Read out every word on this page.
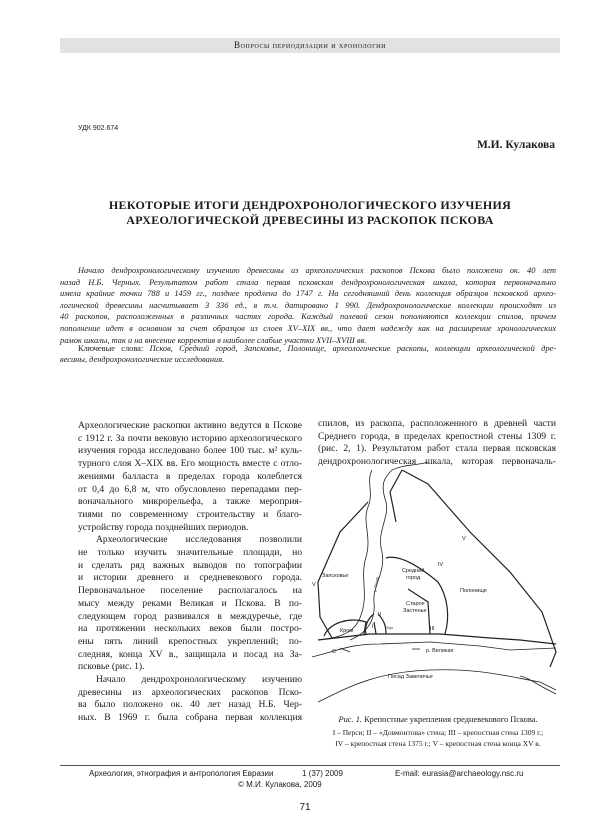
Вопросы периодизации и хронологии
УДК 902.674
М.И. Кулакова
НЕКОТОРЫЕ ИТОГИ ДЕНДРОХРОНОЛОГИЧЕСКОГО ИЗУЧЕНИЯ
АРХЕОЛОГИЧЕСКОЙ ДРЕВЕСИНЫ ИЗ РАСКОПОК ПСКОВА
Начало дендрохронологическому изучению древесины из археологических раскопов Пскова было положено ок. 40 лет
назад Н.Б. Черных. Результатом работ стала первая псковская дендрохронологическая шкала, которая первоначально
имела крайние точки 788 и 1459 гг., позднее продлена до 1747 г. На сегодняшний день коллекция образцов псковской архео-
логической древесины насчитывает 3 336 ед., в т.ч. датировано 1 990. Дендрохронологические коллекции происходят из
40 раскопов, расположенных в различных частях города. Каждый полевой сезон пополняются коллекции спилов, причем
пополнение идет в основном за счет образцов из слоев XV–XIX вв., что дает надежду как на расширение хронологических
рамок шкалы, так и на внесение корректив в наиболее слабые участки XVII–XVIII вв.
Ключевые слова: Псков, Средний город, Запсковье, Полонище, археологические раскопы, коллекции археологической дре-
весины, дендрохронологические исследования.
Археологические раскопки активно ведутся в Пскове
с 1912 г. За почти вековую историю археологического
изучения города исследовано более 100 тыс. м² куль-
турного слоя X–XIX вв. Его мощность вместе с отло-
жениями балласта в пределах города колеблется
от 0,4 до 6,8 м, что обусловлено перепадами пер-
воначального микрорельефа, а также мероприя-
тиями по современному строительству и благо-
устройству города позднейших периодов.
Археологические исследования позволили
не только изучить значительные площади, но
и сделать ряд важных выводов по топографии
и истории древнего и средневекового города.
Первоначальное поселение располагалось на
мысу между реками Великая и Пскова. В по-
следующем город развивался в междуречье, где
на протяжении нескольких веков были постро-
ены пять линий крепостных укреплений; по-
следняя, конца XV в., защищала и посад на За-
псковье (рис. 1).
Начало дендрохронологическому изучению
древесины из археологических раскопов Пско-
ва было положено ок. 40 лет назад Н.Б. Чер-
ных. В 1969 г. была собрана первая коллекция
спилов, из раскопа, расположенного в древней части
Среднего города, в пределах крепостной стены 1309 г.
(рис. 2, 1). Результатом работ стала первая псковская
дендрохронологическая шкала, которая первоначаль-
Запсковье
Средний
город
Старое
Застенье
Полонище
Кром	Торг
р. Великая
р. Пскова
Посад Завеличье
С
I
II
III
IV
V
V
Рис. 1. Крепостные укрепления средневекового Пскова.
I – Перси; II – «Довмонтова» стена; III – крепостная стена 1309 г.;
IV – крепостная стена 1375 г.; V – крепостная стена конца XV в.
Археология, этнография и антропология Евразии	1 (37) 2009	E-mail: eurasia@archaeology.nsc.ru
© М.И. Кулакова, 2009
71
